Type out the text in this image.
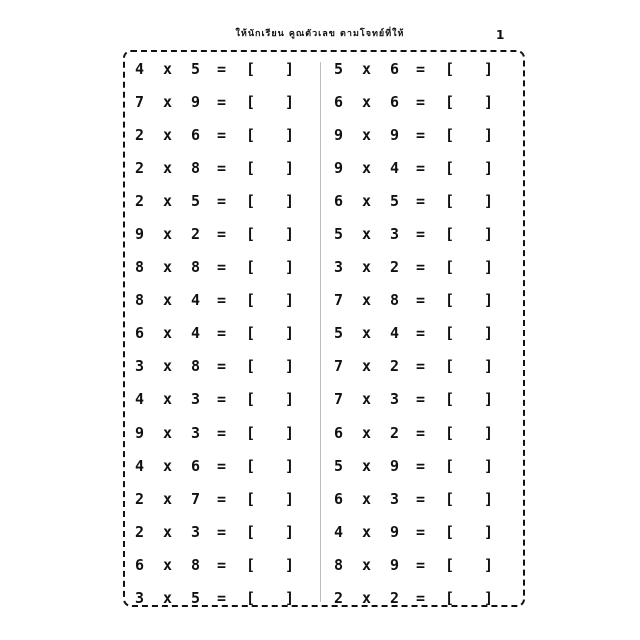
ให้นักเรียน คูณตัวเลข ตามโจทย์ที่ให้	1
4 x 5 = [ ]
7 x 9 = [ ]
2 x 6 = [ ]
2 x 8 = [ ]
2 x 5 = [ ]
9 x 2 = [ ]
8 x 8 = [ ]
8 x 4 = [ ]
6 x 4 = [ ]
3 x 8 = [ ]
4 x 3 = [ ]
9 x 3 = [ ]
4 x 6 = [ ]
2 x 7 = [ ]
2 x 3 = [ ]
6 x 8 = [ ]
3 x 5 = [ ]
5 x 6 = [ ]
6 x 6 = [ ]
9 x 9 = [ ]
9 x 4 = [ ]
6 x 5 = [ ]
5 x 3 = [ ]
3 x 2 = [ ]
7 x 8 = [ ]
5 x 4 = [ ]
7 x 2 = [ ]
7 x 3 = [ ]
6 x 2 = [ ]
5 x 9 = [ ]
6 x 3 = [ ]
4 x 9 = [ ]
8 x 9 = [ ]
2 x 2 = [ ]
